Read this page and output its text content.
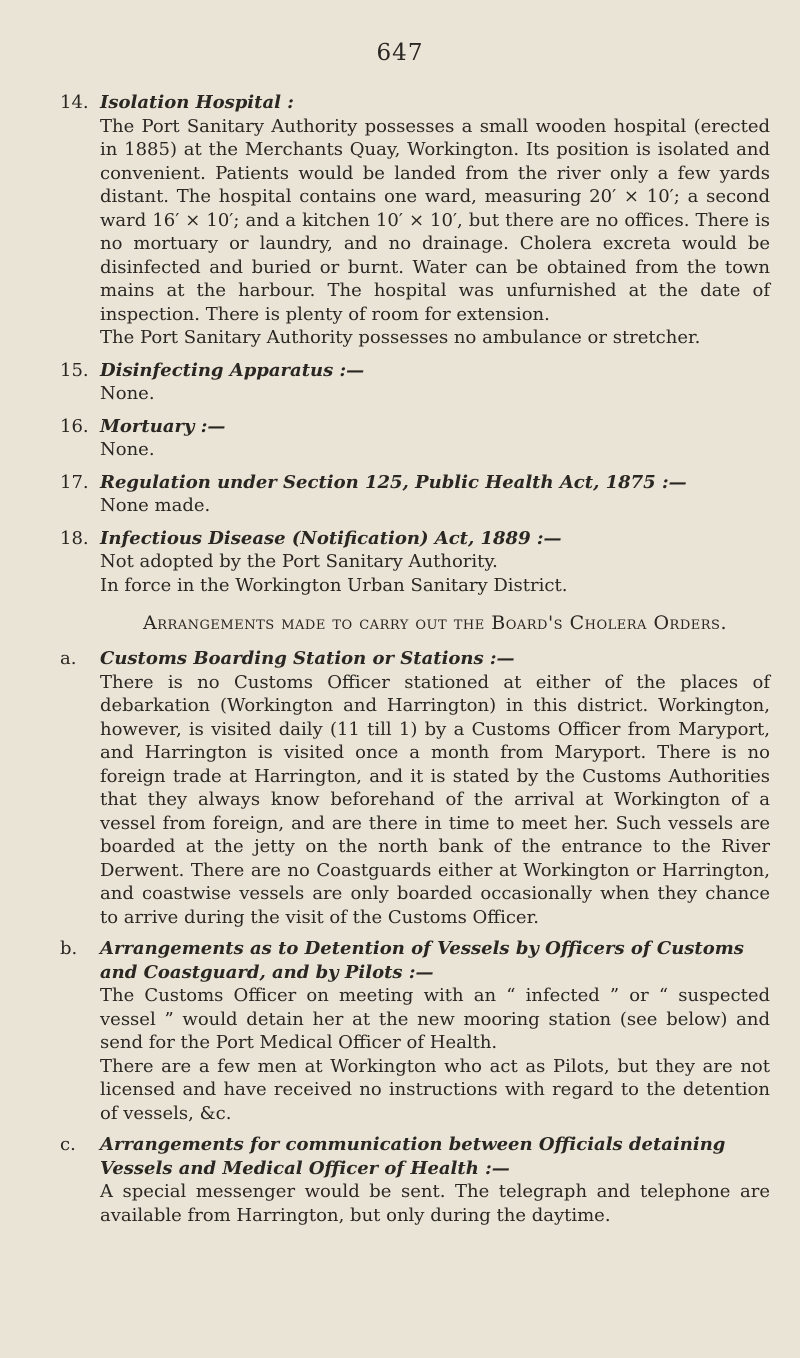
647
14. Isolation Hospital :

The Port Sanitary Authority possesses a small wooden hospital (erected in 1885) at the Merchants Quay, Workington. Its position is isolated and convenient. Patients would be landed from the river only a few yards distant. The hospital contains one ward, measuring 20′ × 10′; a second ward 16′ × 10′; and a kitchen 10′ × 10′, but there are no offices. There is no mortuary or laundry, and no drainage. Cholera excreta would be disinfected and buried or burnt. Water can be obtained from the town mains at the harbour. The hospital was unfurnished at the date of inspection. There is plenty of room for extension.

The Port Sanitary Authority possesses no ambulance or stretcher.

15. Disinfecting Apparatus :—

None.

16. Mortuary :—

None.

17. Regulation under Section 125, Public Health Act, 1875 :—

None made.

18. Infectious Disease (Notification) Act, 1889 :—

Not adopted by the Port Sanitary Authority.

In force in the Workington Urban Sanitary District.

Arrangements made to carry out the Board's Cholera Orders.
a.	Customs Boarding Station or Stations :—

There is no Customs Officer stationed at either of the places of debarkation (Workington and Harrington) in this district. Workington, however, is visited daily (11 till 1) by a Customs Officer from Maryport, and Harrington is visited once a month from Maryport. There is no foreign trade at Harrington, and it is stated by the Customs Authorities that they always know beforehand of the arrival at Workington of a vessel from foreign, and are there in time to meet her. Such vessels are boarded at the jetty on the north bank of the entrance to the River Derwent. There are no Coastguards either at Workington or Harrington, and coastwise vessels are only boarded occasionally when they chance to arrive during the visit of the Customs Officer.

b.	Arrangements as to Detention of Vessels by Officers of Customs and Coastguard, and by Pilots :—

The Customs Officer on meeting with an “ infected ” or “ suspected vessel ” would detain her at the new mooring station (see below) and send for the Port Medical Officer of Health.

There are a few men at Workington who act as Pilots, but they are not licensed and have received no instructions with regard to the detention of vessels, &c.

c.	Arrangements for communication between Officials detaining Vessels and Medical Officer of Health :—

A special messenger would be sent. The telegraph and telephone are available from Harrington, but only during the daytime.
